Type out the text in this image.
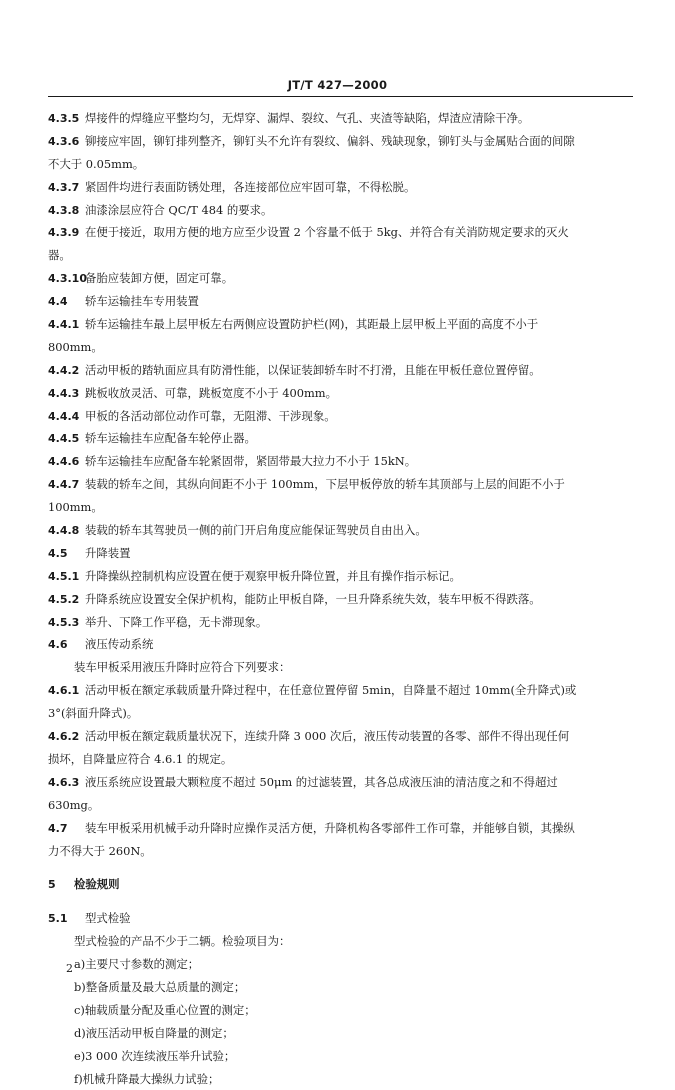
JT/T 427—2000
4.3.5 焊接件的焊缝应平整均匀，无焊穿、漏焊、裂纹、气孔、夹渣等缺陷，焊渣应清除干净。
4.3.6 铆接应牢固，铆钉排列整齐，铆钉头不允许有裂纹、偏斜、残缺现象，铆钉头与金属贴合面的间隙
不大于 0.05mm。
4.3.7 紧固件均进行表面防锈处理，各连接部位应牢固可靠，不得松脱。
4.3.8 油漆涂层应符合 QC/T 484 的要求。
4.3.9 在便于接近，取用方便的地方应至少设置 2 个容量不低于 5kg、并符合有关消防规定要求的灭火
器。
4.3.10备胎应装卸方便，固定可靠。
4.4 轿车运输挂车专用装置
4.4.1 轿车运输挂车最上层甲板左右两侧应设置防护栏(网)，其距最上层甲板上平面的高度不小于
800mm。
4.4.2 活动甲板的踏轨面应具有防滑性能，以保证装卸轿车时不打滑，且能在甲板任意位置停留。
4.4.3 跳板收放灵活、可靠，跳板宽度不小于 400mm。
4.4.4 甲板的各活动部位动作可靠，无阻滞、干涉现象。
4.4.5 轿车运输挂车应配备车轮停止器。
4.4.6 轿车运输挂车应配备车轮紧固带，紧固带最大拉力不小于 15kN。
4.4.7 装载的轿车之间，其纵向间距不小于 100mm，下层甲板停放的轿车其顶部与上层的间距不小于
100mm。
4.4.8 装载的轿车其驾驶员一侧的前门开启角度应能保证驾驶员自由出入。
4.5 升降装置
4.5.1 升降操纵控制机构应设置在便于观察甲板升降位置，并且有操作指示标记。
4.5.2 升降系统应设置安全保护机构，能防止甲板自降，一旦升降系统失效，装车甲板不得跌落。
4.5.3 举升、下降工作平稳，无卡滞现象。
4.6 液压传动系统
装车甲板采用液压升降时应符合下列要求：
4.6.1 活动甲板在额定承载质量升降过程中，在任意位置停留 5min，自降量不超过 10mm(全升降式)或
3°(斜面升降式)。
4.6.2 活动甲板在额定载质量状况下，连续升降 3 000 次后，液压传动装置的各零、部件不得出现任何
损坏，自降量应符合 4.6.1 的规定。
4.6.3 液压系统应设置最大颗粒度不超过 50μm 的过滤装置，其各总成液压油的清洁度之和不得超过
630mg。
4.7 装车甲板采用机械手动升降时应操作灵活方便，升降机构各零部件工作可靠，并能够自锁，其操纵
力不得大于 260N。
5 检验规则
5.1 型式检验
型式检验的产品不少于二辆。检验项目为：
a)主要尺寸参数的测定；
b)整备质量及最大总质量的测定；
c)轴载质量分配及重心位置的测定；
d)液压活动甲板自降量的测定；
e)3 000 次连续液压举升试验；
f)机械升降最大操纵力试验；
2
